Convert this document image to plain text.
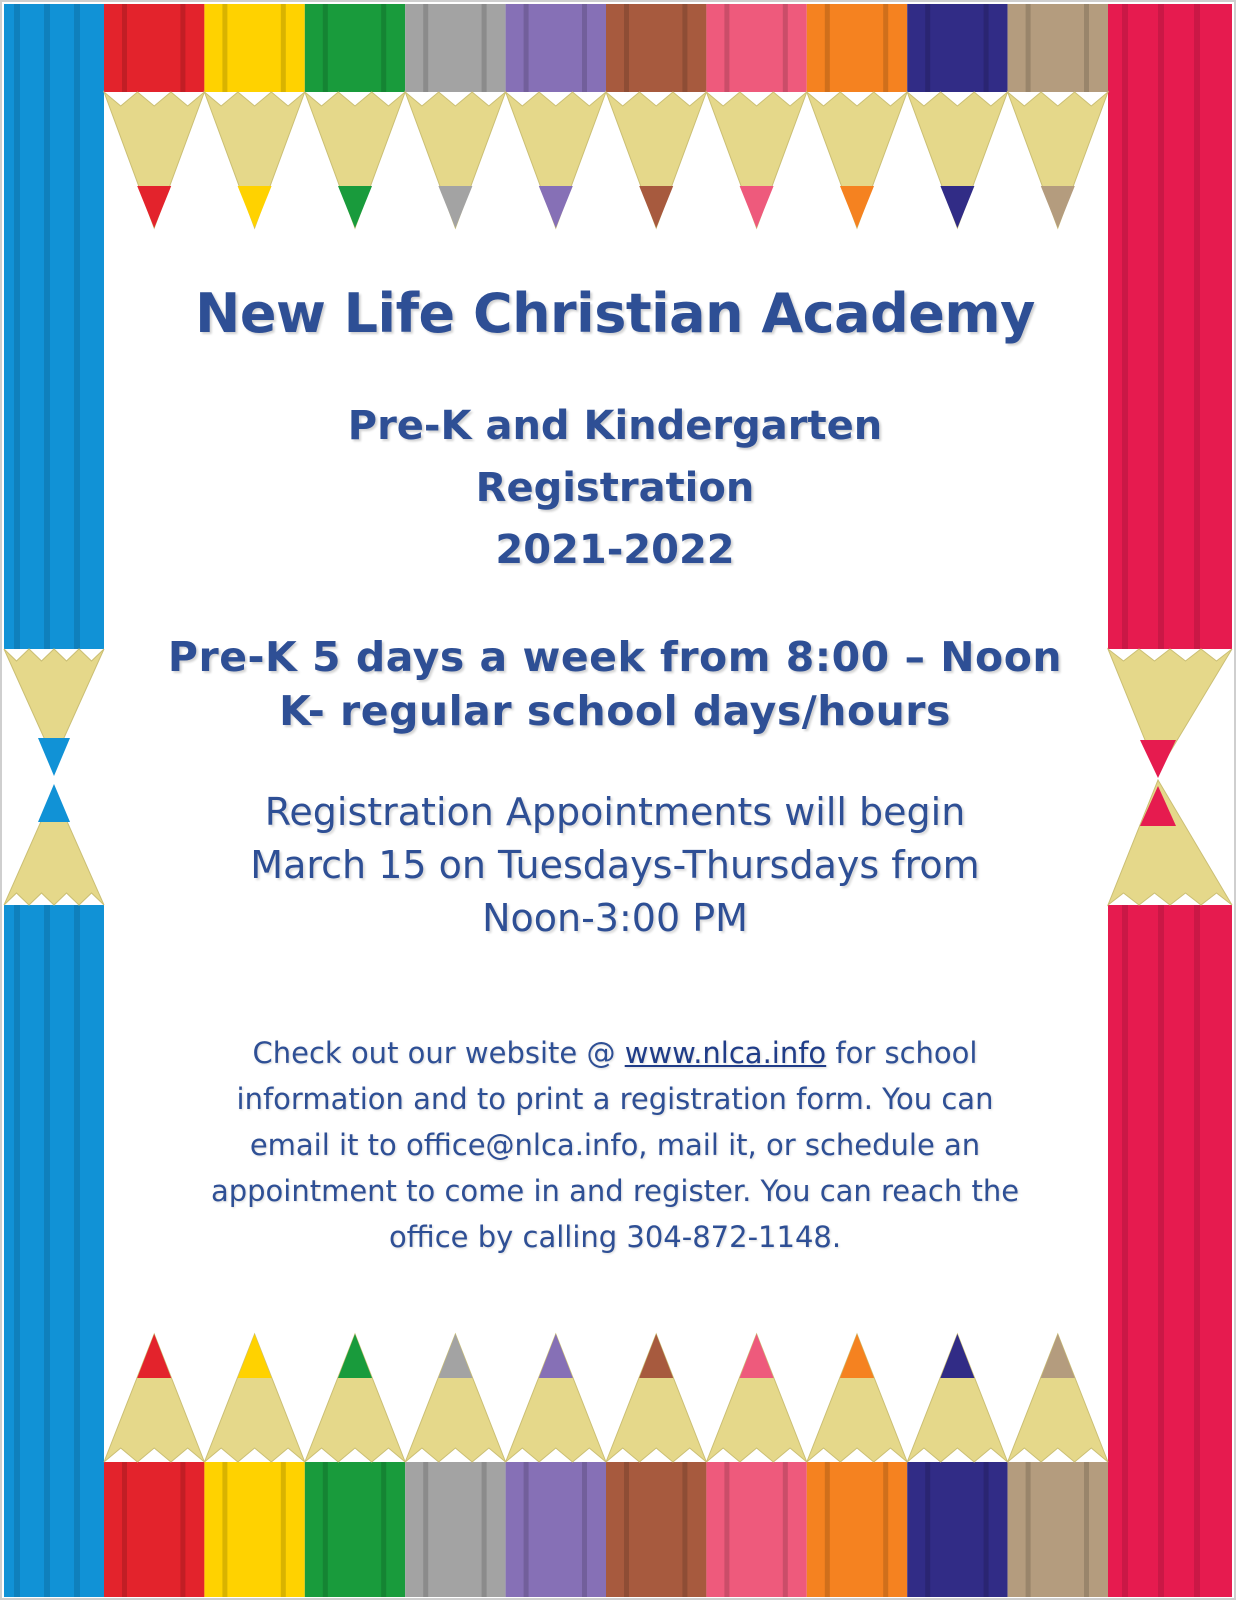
New Life Christian Academy
Pre-K and Kindergarten
Registration
2021-2022
Pre-K 5 days a week from 8:00 – Noon
K- regular school days/hours
Registration Appointments will begin
March 15 on Tuesdays-Thursdays from
Noon-3:00 PM
Check out our website @ www.nlca.info for school
information and to print a registration form. You can
email it to office@nlca.info, mail it, or schedule an
appointment to come in and register. You can reach the
office by calling 304-872-1148.
